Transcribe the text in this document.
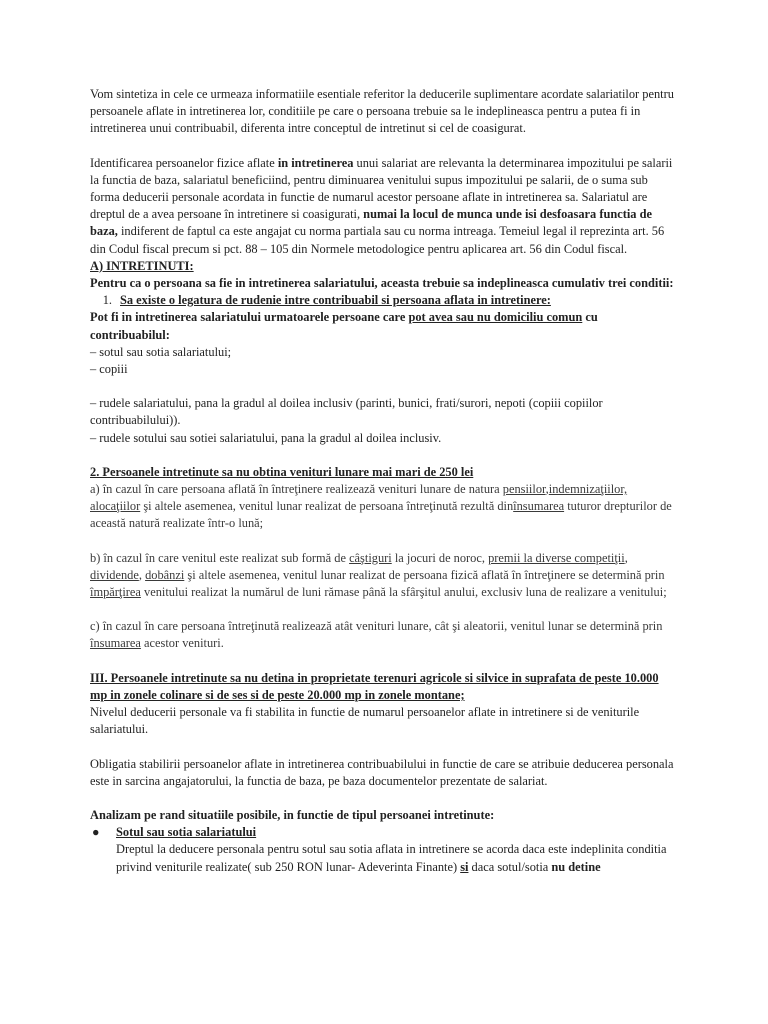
Vom sintetiza in cele ce urmeaza informatiile esentiale referitor la deducerile suplimentare acordate salariatilor pentru persoanele aflate in intretinerea lor, conditiile pe care o persoana trebuie sa le indeplineasca pentru a putea fi in intretinerea unui contribuabil, diferenta intre conceptul de intretinut si cel de coasigurat.

Identificarea persoanelor fizice aflate in intretinerea unui salariat are relevanta la determinarea impozitului pe salarii la functia de baza, salariatul beneficiind, pentru diminuarea venitului supus impozitului pe salarii, de o suma sub forma deducerii personale acordata in functie de numarul acestor persoane aflate in intretinerea sa. Salariatul are dreptul de a avea persoane în intretinere si coasigurati, numai la locul de munca unde isi desfoasara functia de baza, indiferent de faptul ca este angajat cu norma partiala sau cu norma intreaga. Temeiul legal il reprezinta art. 56 din Codul fiscal precum si pct. 88 – 105 din Normele metodologice pentru aplicarea art. 56 din Codul fiscal.

A) INTRETINUTI:

Pentru ca o persoana sa fie in intretinerea salariatului, aceasta trebuie sa indeplineasca cumulativ trei conditii:

1. Sa existe o legatura de rudenie intre contribuabil si persoana aflata in intretinere:

Pot fi in intretinerea salariatului urmatoarele persoane care pot avea sau nu domiciliu comun cu contribuabilul:

– sotul sau sotia salariatului;

– copiii

– rudele salariatului, pana la gradul al doilea inclusiv (parinti, bunici, frati/surori, nepoti (copiii copiilor contribuabilului)).

– rudele sotului sau sotiei salariatului, pana la gradul al doilea inclusiv.

2. Persoanele intretinute sa nu obtina venituri lunare mai mari de 250 lei

a) în cazul în care persoana aflată în întreţinere realizează venituri lunare de natura pensiilor,indemnizaţiilor, alocaţiilor şi altele asemenea, venitul lunar realizat de persoana întreţinută rezultă dinînsumarea tuturor drepturilor de această natură realizate într-o lună;

b) în cazul în care venitul este realizat sub formă de câştiguri la jocuri de noroc, premii la diverse competiţii, dividende, dobânzi şi altele asemenea, venitul lunar realizat de persoana fizică aflată în întreţinere se determină prin împărţirea venitului realizat la numărul de luni rămase până la sfârşitul anului, exclusiv luna de realizare a venitului;

c) în cazul în care persoana întreţinută realizează atât venituri lunare, cât şi aleatorii, venitul lunar se determină prin însumarea acestor venituri.

III. Persoanele intretinute sa nu detina in proprietate terenuri agricole si silvice in suprafata de peste 10.000 mp in zonele colinare si de ses si de peste 20.000 mp in zonele montane;

Nivelul deducerii personale va fi stabilita in functie de numarul persoanelor aflate in intretinere si de veniturile salariatului.

Obligatia stabilirii persoanelor aflate in intretinerea contribuabilului in functie de care se atribuie deducerea personala este in sarcina angajatorului, la functia de baza, pe baza documentelor prezentate de salariat.

Analizam pe rand situatiile posibile, in functie de tipul persoanei intretinute:

●	Sotul sau sotia salariatului

Dreptul la deducere personala pentru sotul sau sotia aflata in intretinere se acorda daca este indeplinita conditia privind veniturile realizate( sub 250 RON lunar- Adeverinta Finante) si daca sotul/sotia nu detine
